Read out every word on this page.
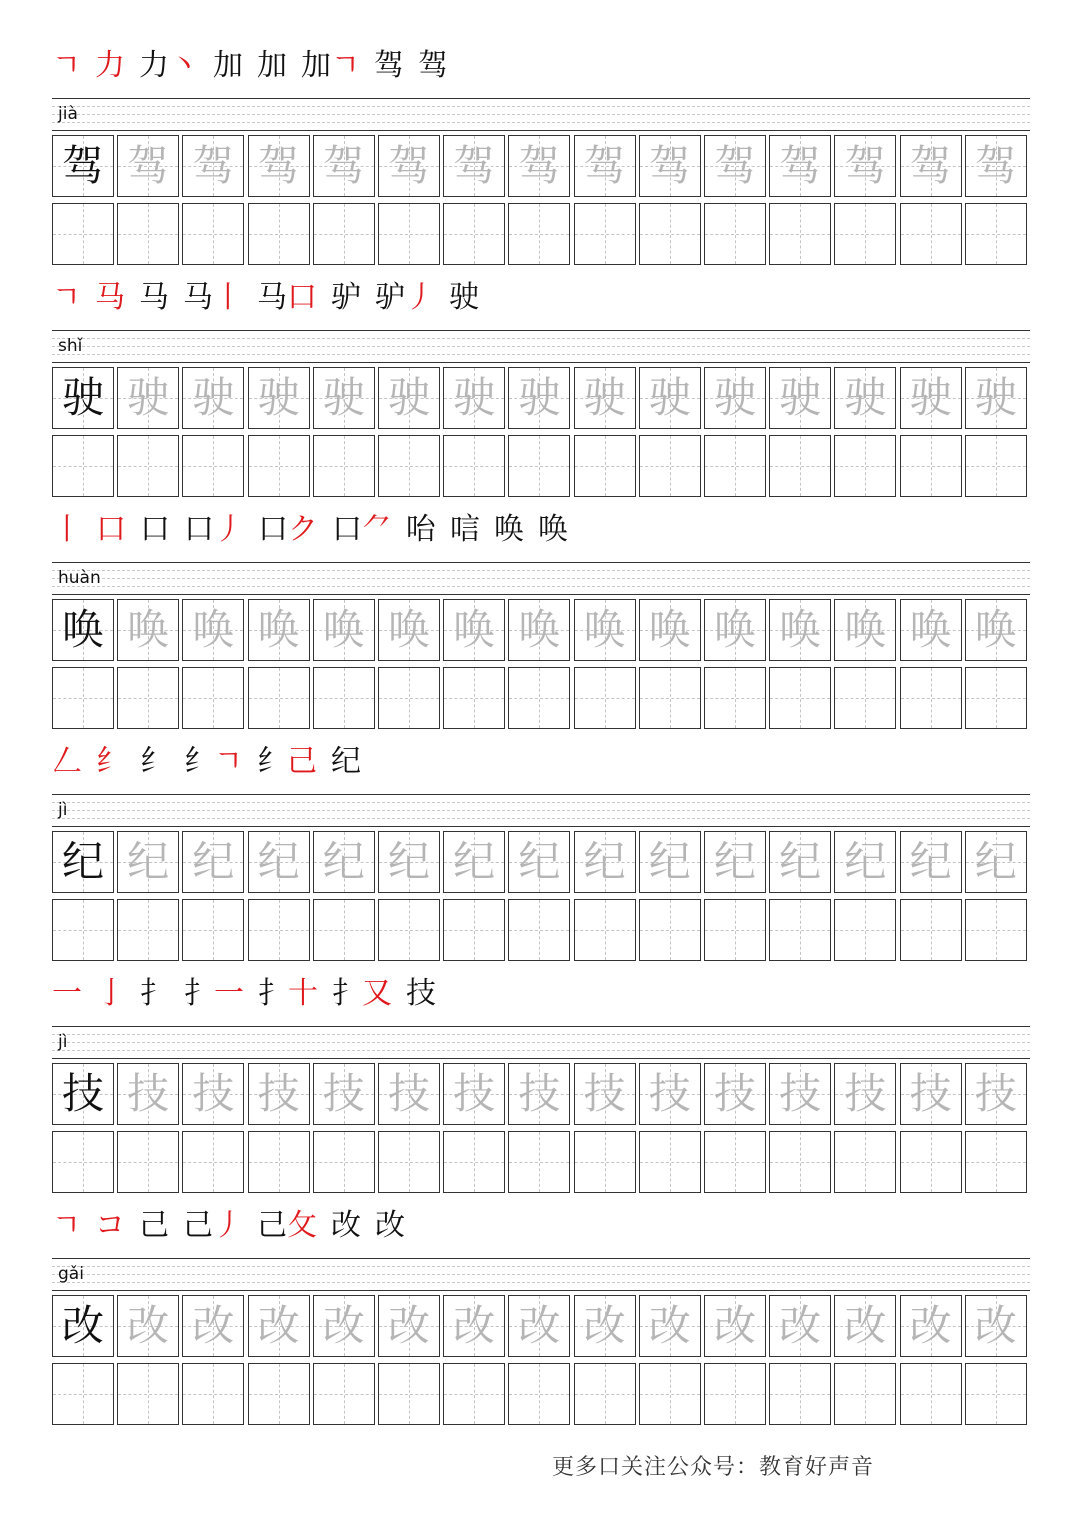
ㄱ 力 力丶 加 加 加ㄱ 驾 驾
jià
驾 驾 驾 驾 驾 驾 驾 驾 驾 驾 驾 驾 驾 驾 驾
ㄱ 马 马 马丨 马口 驴 驴丿 驶
shǐ
驶 驶 驶 驶 驶 驶 驶 驶 驶 驶 驶 驶 驶 驶 驶
丨 口 口 口丿 口ク 口⺈ 咍 唁 唤 唤
huàn
唤 唤 唤 唤 唤 唤 唤 唤 唤 唤 唤 唤 唤 唤 唤
𠃋 纟 纟 纟ㄱ 纟己 纪
jì
纪 纪 纪 纪 纪 纪 纪 纪 纪 纪 纪 纪 纪 纪 纪
一 亅 扌 扌一 扌十 扌又 技
jì
技 技 技 技 技 技 技 技 技 技 技 技 技 技 技
ㄱ コ 己 己丿 己攵 改 改
gǎi
改 改 改 改 改 改 改 改 改 改 改 改 改 改 改
更多口关注公众号：教育好声音
